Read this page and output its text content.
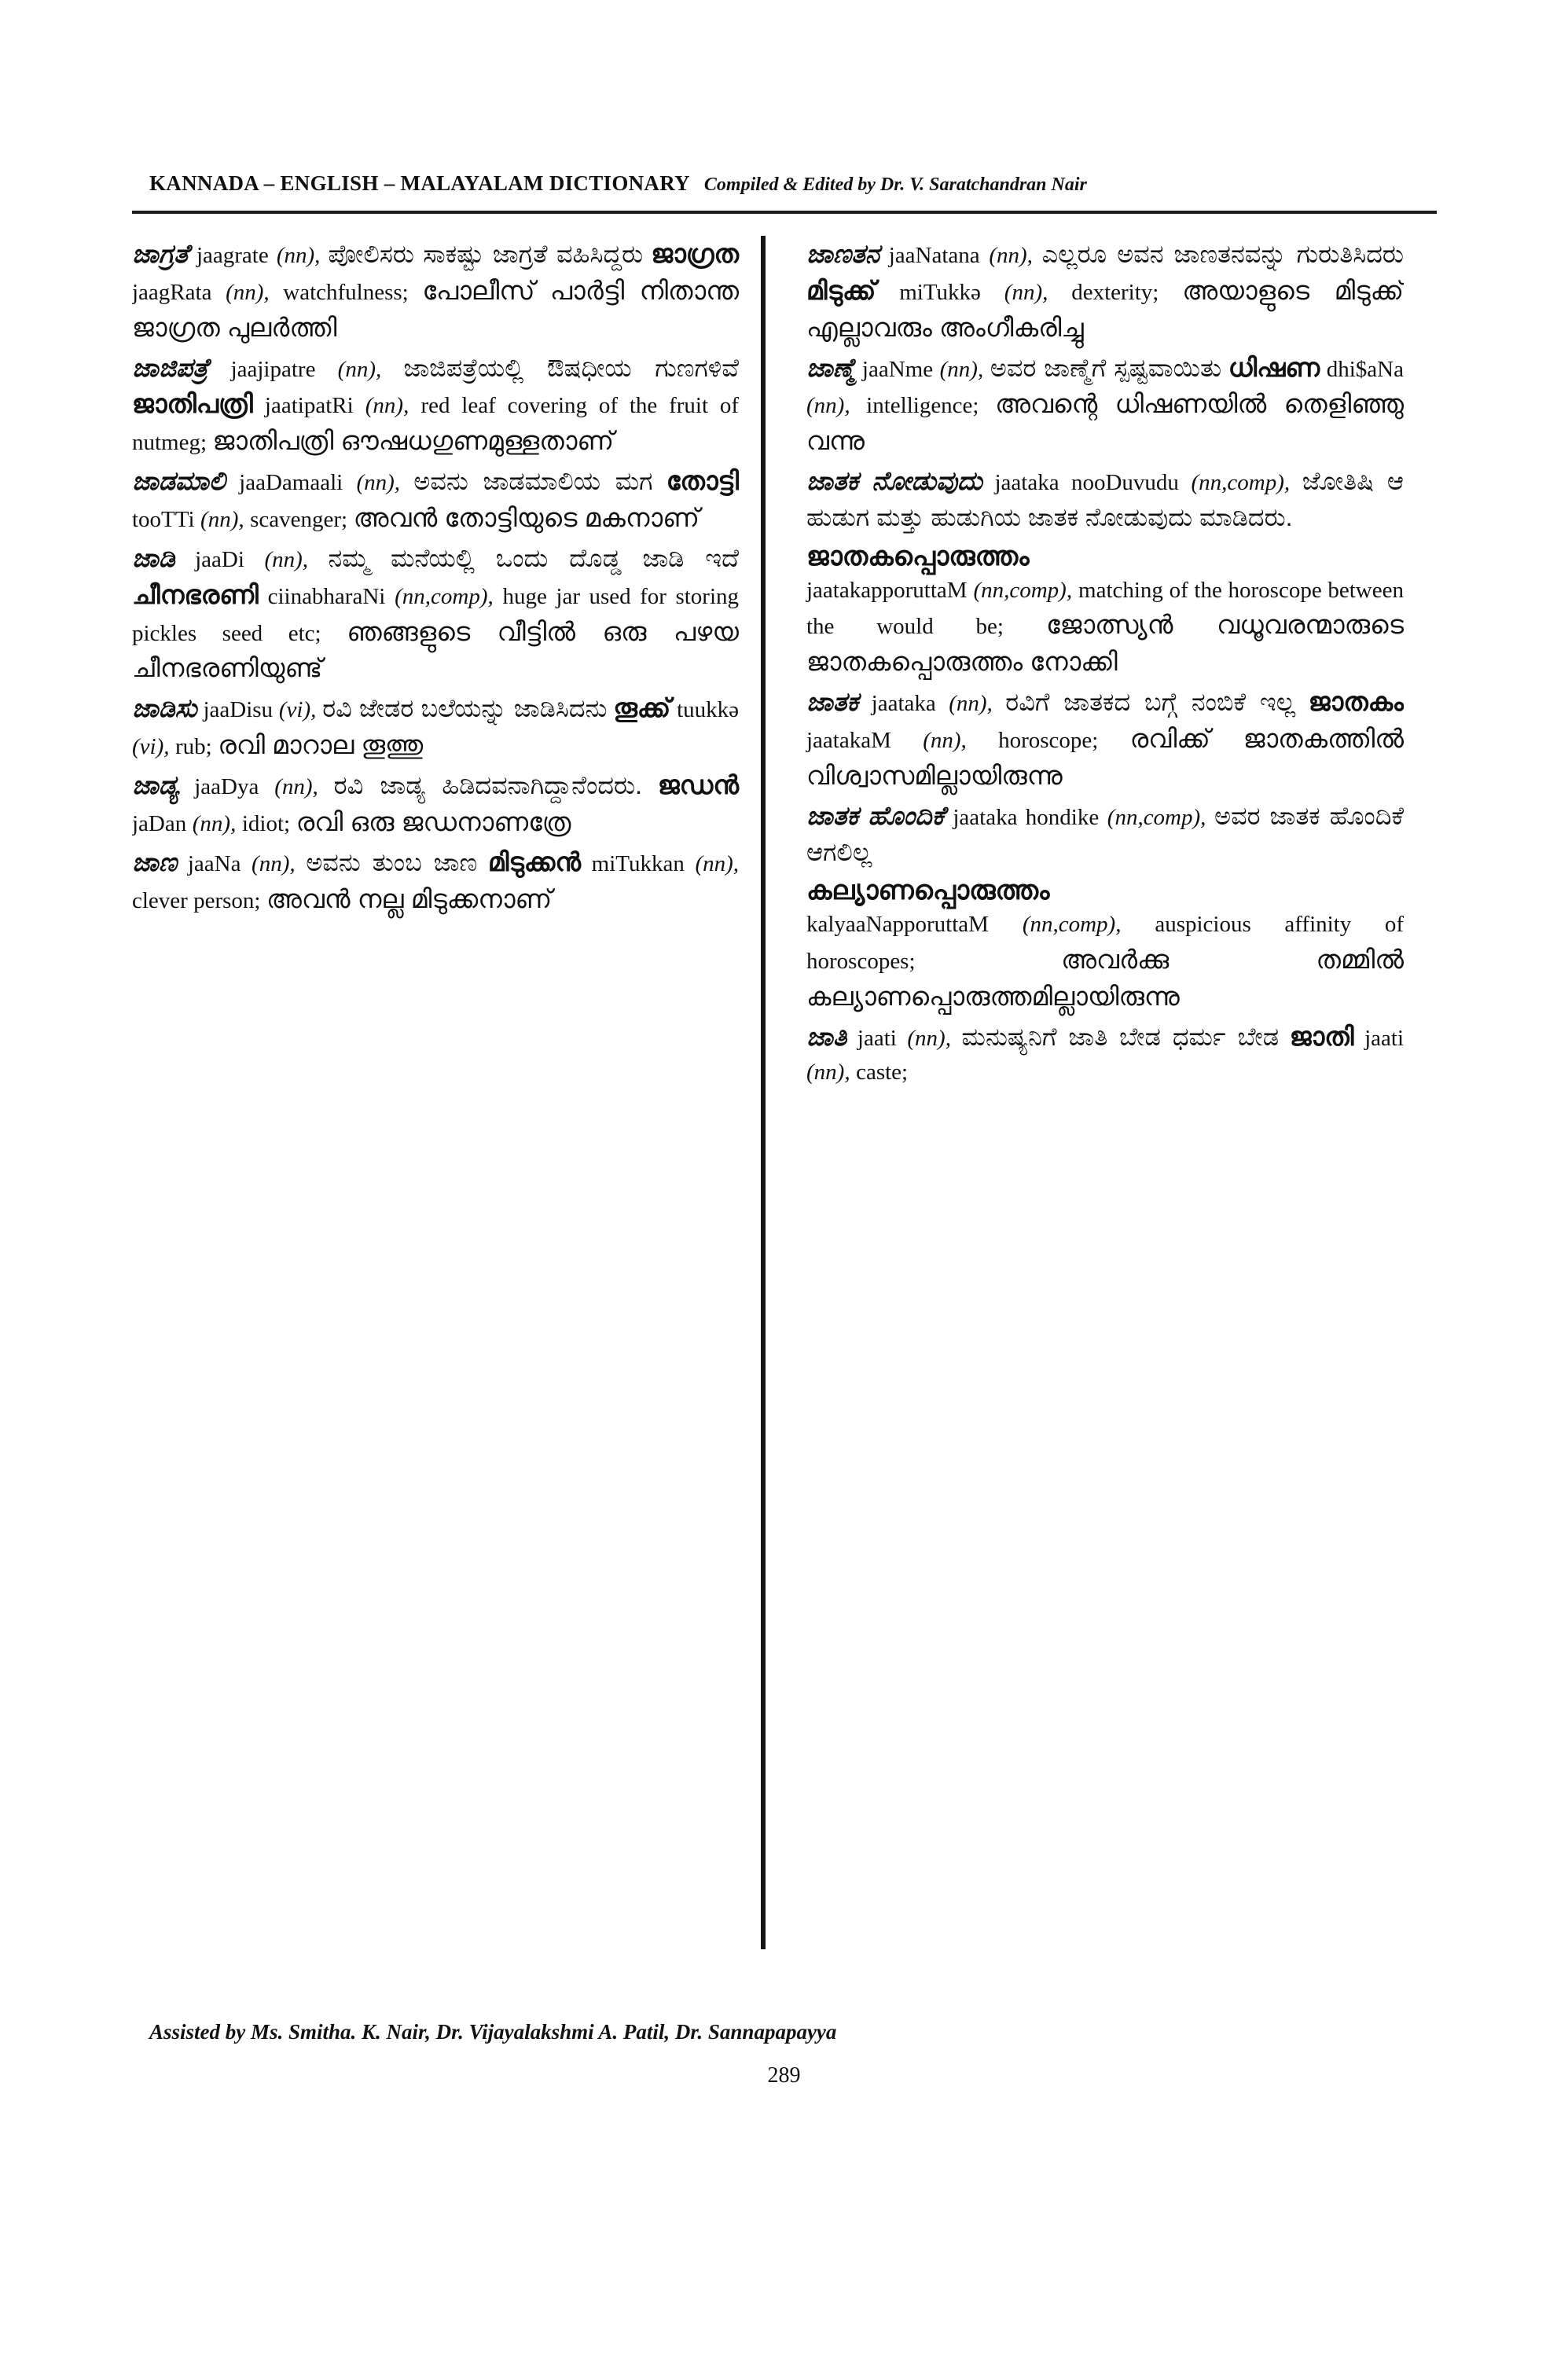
KANNADA – ENGLISH – MALAYALAM DICTIONARY Compiled & Edited by Dr. V. Saratchandran Nair

ಜಾಗ್ರತೆ jaagrate (nn), ಪೋಲಿಸರು ಸಾಕಷ್ಟು ಜಾಗ್ರತೆ ವಹಿಸಿದ್ದರು ജാഗ്രത jaagRata (nn), watchfulness; പോലീസ് പാർട്ടി നിതാന്ത ജാഗ്രത പുലർത്തി

ಜಾಜಿಪತ್ರೆ jaajipatre (nn), ಜಾಜಿಪತ್ರೆಯಲ್ಲಿ ಔಷಧೀಯ ಗುಣಗಳಿವೆ ജാതിപത്രി jaatipatRi (nn), red leaf covering of the fruit of nutmeg; ജാതിപത്രി ഔഷധഗുണമുള്ളതാണ്

ಜಾಡಮಾಲಿ jaaDamaali (nn), ಅವನು ಜಾಡಮಾಲಿಯ ಮಗ തോട്ടി tooTTi (nn), scavenger; അവൻ തോട്ടിയുടെ മകനാണ്

ಜಾಡಿ jaaDi (nn), ನಮ್ಮ ಮನೆಯಲ್ಲಿ ಒಂದು ದೊಡ್ಡ ಜಾಡಿ ಇದೆ ചീനഭരണി ciinabharaNi (nn,comp), huge jar used for storing pickles seed etc; ഞങ്ങളുടെ വീട്ടിൽ ഒരു പഴയ ചീനഭരണിയുണ്ട്

ಜಾಡಿಸು jaaDisu (vi), ರವಿ ಜೇಡರ ಬಲೆಯನ್ನು ಜಾಡಿಸಿದನು തൂക്ക് tuukkə (vi), rub; രവി മാറാല തൂത്തു

ಜಾಡ್ಯ jaaDya (nn), ರವಿ ಜಾಡ್ಯ ಹಿಡಿದವನಾಗಿದ್ದಾನೆಂದರು. ജഡൻ jaDan (nn), idiot; രവി ഒരു ജഡനാണത്രേ

ಜಾಣ jaaNa (nn), ಅವನು ತುಂಬ ಜಾಣ മിടുക്കൻ miTukkan (nn), clever person; അവൻ നല്ല മിടുക്കനാണ്

ಜಾಣತನ jaaNatana (nn), ಎಲ್ಲರೂ ಅವನ ಜಾಣತನವನ್ನು ಗುರುತಿಸಿದರು മിടുക്ക് miTukkə (nn), dexterity; അയാളുടെ മിടുക്ക് എല്ലാവരും അംഗീകരിച്ചു

ಜಾಣ್ಮೆ jaaNme (nn), ಅವರ ಜಾಣ್ಮೆಗೆ ಸ್ಪಷ್ಟವಾಯಿತು ധിഷണ dhi$aNa (nn), intelligence; അവന്റെ ധിഷണയിൽ തെളിഞ്ഞു വന്നു

ಜಾತಕ ನೋಡುವುದು jaataka nooDuvudu (nn,comp), ಜೋತಿಷಿ ಆ ಹುಡುಗ ಮತ್ತು ಹುಡುಗಿಯ ಜಾತಕ ನೋಡುವುದು ಮಾಡಿದರು.

ജാതകപ്പൊരുത്തം
jaatakapporuttaM (nn,comp), matching of the horoscope between the would be; ജോത്സ്യൻ വധൂവരന്മാരുടെ ജാതകപ്പൊരുത്തം നോക്കി

ಜಾತಕ jaataka (nn), ರವಿಗೆ ಜಾತಕದ ಬಗ್ಗೆ ನಂಬಿಕೆ ಇಲ್ಲ ജാതകം jaatakaM (nn), horoscope; രവിക്ക് ജാതകത്തിൽ വിശ്വാസമില്ലായിരുന്നു

ಜಾತಕ ಹೊಂದಿಕೆ jaataka hondike (nn,comp), ಅವರ ಜಾತಕ ಹೊಂದಿಕೆ ಆಗಲಿಲ್ಲ

കല്യാണപ്പൊരുത്തം
kalyaaNapporuttaM (nn,comp), auspicious affinity of horoscopes;	അവർക്കു തമ്മിൽ കല്യാണപ്പൊരുത്തമില്ലായിരുന്നു

ಜಾತಿ jaati (nn), ಮನುಷ್ಯನಿಗೆ ಜಾತಿ ಬೇಡ ಧರ್ಮ ಬೇಡ ജാതി jaati (nn), caste;

Assisted by Ms. Smitha. K. Nair, Dr. Vijayalakshmi A. Patil, Dr. Sannapapayya
289
